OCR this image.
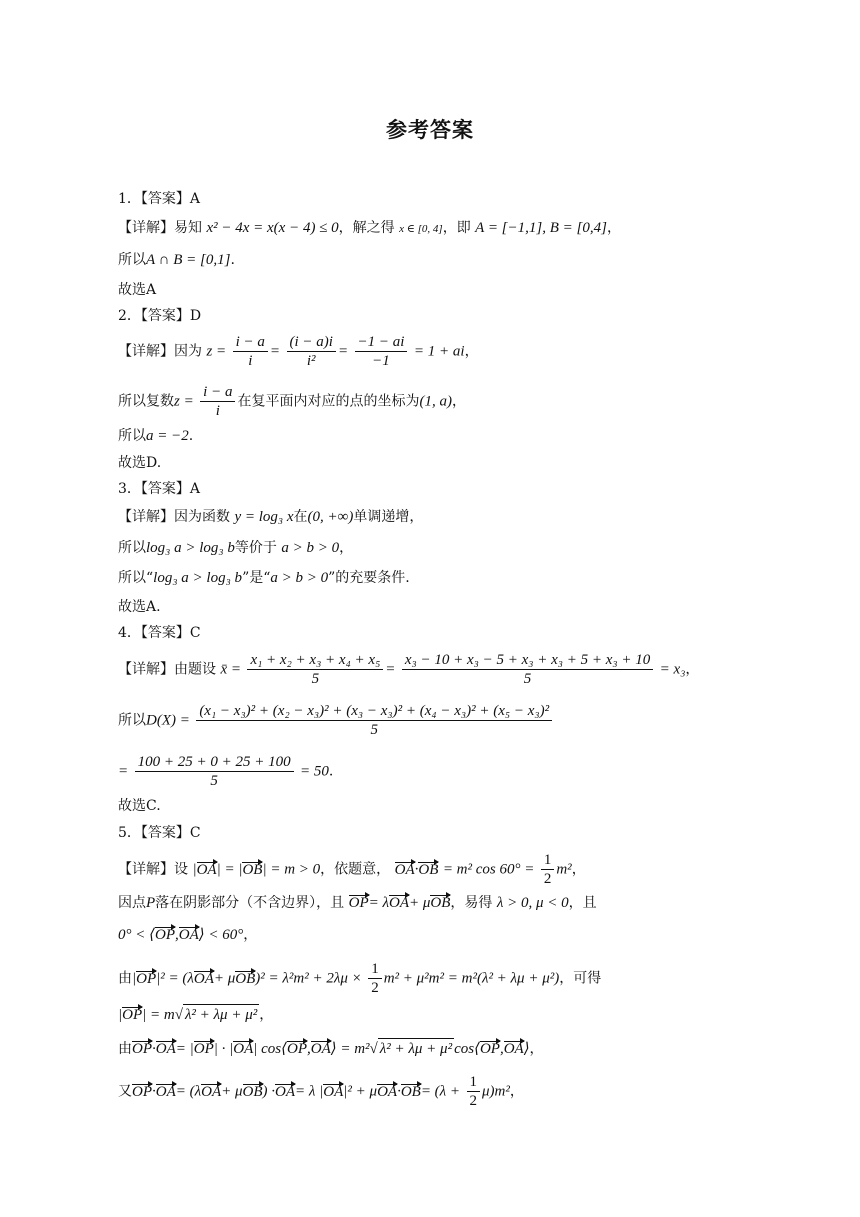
参考答案
1．【答案】A
【详解】易知 x² − 4x = x(x − 4) ≤ 0，解之得 x ∈ [0, 4]，即 A = [−1,1], B = [0,4]，
所以A ∩ B = [0,1].
故选A
2．【答案】D
【详解】因为 $z = \frac{i - a}{i} = \frac{(i - a)i}{\text{i²}} = \frac{-1 - ai}{-1} = 1$ + ai，
所以复数$z = \frac{i - a}{i}$ 在复平面内对应的点的坐标为(1, a)，
所以a = −2.
故选D.
3．【答案】A
【详解】因为函数 y = log₃ x在(0, +∞)单调递增，
所以log₃ a > log₃ b等价于 a > b > 0，
所以“log₃ a > log₃ b”是“a > b > 0”的充要条件.
故选A.
4．【答案】C
【详解】由题设 x̄ = $\frac{\text{x₁ + x₂ + x₃ + x₄ + x₅}}{5} = \frac{\text{x₃ − 10 + x₃ − 5 + x₃ + x₃ + 5 + x₃ + 10}}{5} = x_3$，
所以D(X) =
(x₁ − x₃)² + (x₂ − x₃)² + (x₃ − x₃)² + (x₄ − x₃)² + (x₅ − x₃)²
5
= $\frac{100 + 25 + 0 + 25 + 100}{5} = 50$.
故选C.
5．【答案】C
【详解】设 |OA| = |OB| = m > 0，依题意， OA·OB = m² $\cos 60^\circ = \frac{1}{2} m^2$，
因点P落在阴影部分（不含边界），且 OP= λOA+ μOB，易得 λ > 0, μ < 0，且
0° < ⟨OP,OA⟩ < 60°，
由$|OP|^2 = (\lambda OA+ \mu OB)^2 = \lambda^2m^2 + 2\lambda\mu \times \frac{1}{2} m^2 + \mu^2m^2 = m^2(\lambda^2 + \lambda\mu + \mu^2)$，可得
|OP| = m√ λ² + λμ + μ² ，
由OP·OA= |OP| · |OA| cos⟨OP,OA⟩ = m²√ λ² + λμ + μ² cos⟨OP,OA⟩，
又OP·OA= (λOA+ μOB) ·OA= λ $|OA|^2 + \mu OA\cdot OB= (\lambda + \frac{1}{2} \mu)m^2$，
